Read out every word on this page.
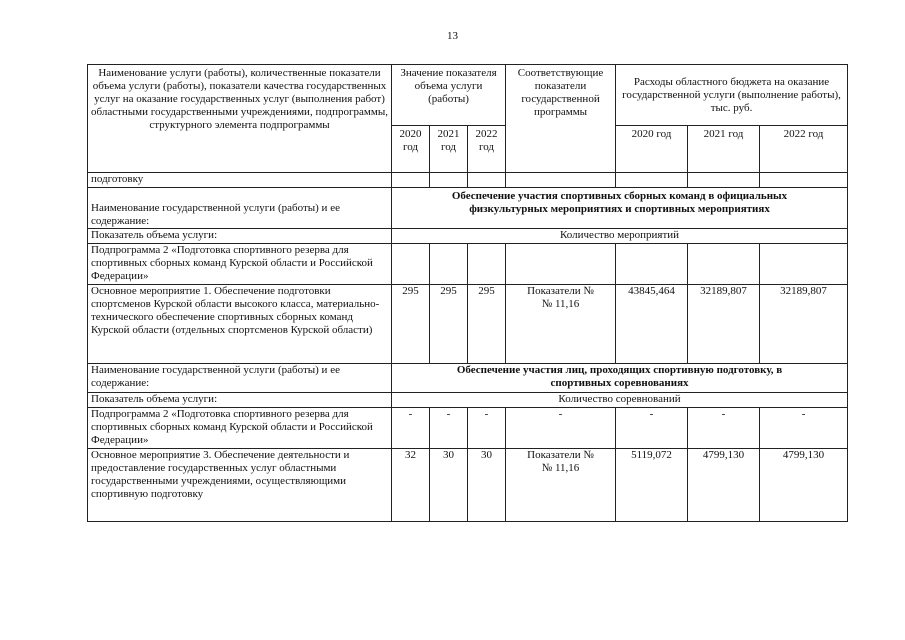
13
Наименование услуги (работы), количественные показатели объема услуги (работы), показатели качества государственных услуг на оказание государственных услуг (выполнения работ) областными государственными учреждениями, подпрограммы, структурного элемента подпрограммы	Значение показателя объема услуги (работы)			Соответствующие показатели государственной программы	Расходы областного бюджета на оказание государственной услуги (выполнение работы), тыс. руб.		
	2020 год	2021 год	2022 год		2020 год	2021 год	2022 год
подготовку							
Наименование государственной услуги (работы) и ее содержание:	Обеспечение участия спортивных сборных команд в официальных физкультурных мероприятиях и спортивных мероприятиях						
Показатель объема услуги:	Количество мероприятий						
Подпрограмма 2 «Подготовка спортивного резерва для спортивных сборных команд Курской области и Российской Федерации»							
Основное мероприятие 1. Обеспечение подготовки спортсменов Курской области высокого класса, материально-технического обеспечение спортивных сборных команд Курской области (отдельных спортсменов Курской области)	295	295	295	Показатели №№ 11,16	43845,464	32189,807	32189,807
Наименование государственной услуги (работы) и ее содержание:	Обеспечение участия лиц, проходящих спортивную подготовку, в спортивных соревнованиях						
Показатель объема услуги:	Количество соревнований						
Подпрограмма 2 «Подготовка спортивного резерва для спортивных сборных команд Курской области и Российской Федерации»	-	-	-	-	-	-	-
Основное мероприятие 3. Обеспечение деятельности и предоставление государственных услуг областными государственными учреждениями, осуществляющими спортивную подготовку	32	30	30	Показатели №№ 11,16	5119,072	4799,130	4799,130
